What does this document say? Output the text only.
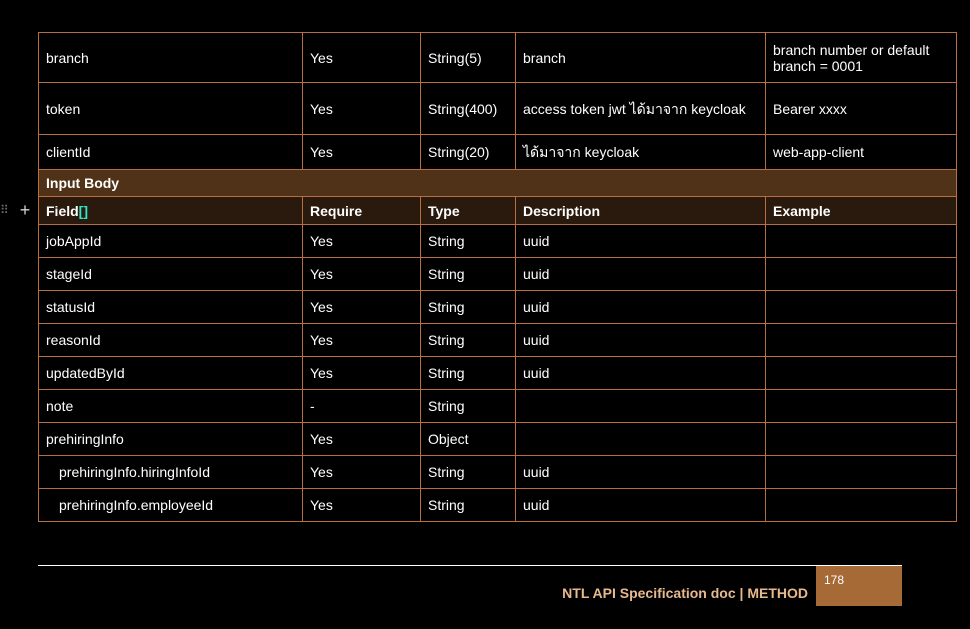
⠿ +
branch	Yes	String(5)	branch	branch number or default branch = 0001
token	Yes	String(400)	access token jwt ได้มาจาก keycloak	Bearer xxxx
clientId	Yes	String(20)	ได้มาจาก keycloak	web-app-client
Input Body				
Field[]	Require	Type	Description	Example
jobAppId	Yes	String	uuid	
stageId	Yes	String	uuid	
statusId	Yes	String	uuid	
reasonId	Yes	String	uuid	
updatedById	Yes	String	uuid	
note	-	String		
prehiringInfo	Yes	Object		
prehiringInfo.hiringInfoId	Yes	String	uuid	
prehiringInfo.employeeId	Yes	String	uuid	
NTL API Specification doc | METHOD
178
